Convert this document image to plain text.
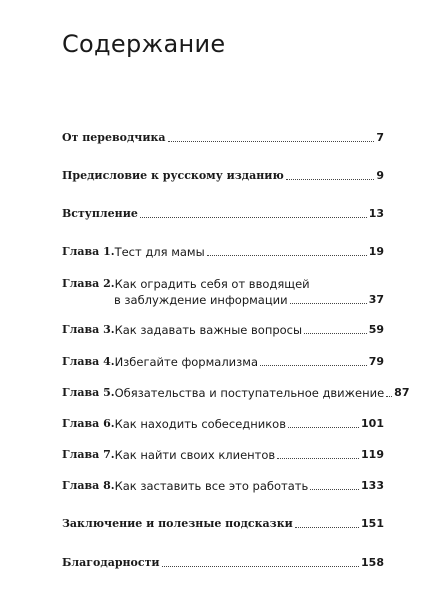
Содержание
От переводчика	7
Предисловие к русскому изданию	9
Вступление	13
Глава 1. Тест для мамы	19
Глава 2. Как оградить себя от вводящей
в заблуждение информации	37
Глава 3. Как задавать важные вопросы	59
Глава 4. Избегайте формализма	79
Глава 5. Обязательства и поступательное движение 87
Глава 6. Как находить собеседников	101
Глава 7. Как найти своих клиентов	119
Глава 8. Как заставить все это работать	133
Заключение и полезные подсказки	151
Благодарности	158
